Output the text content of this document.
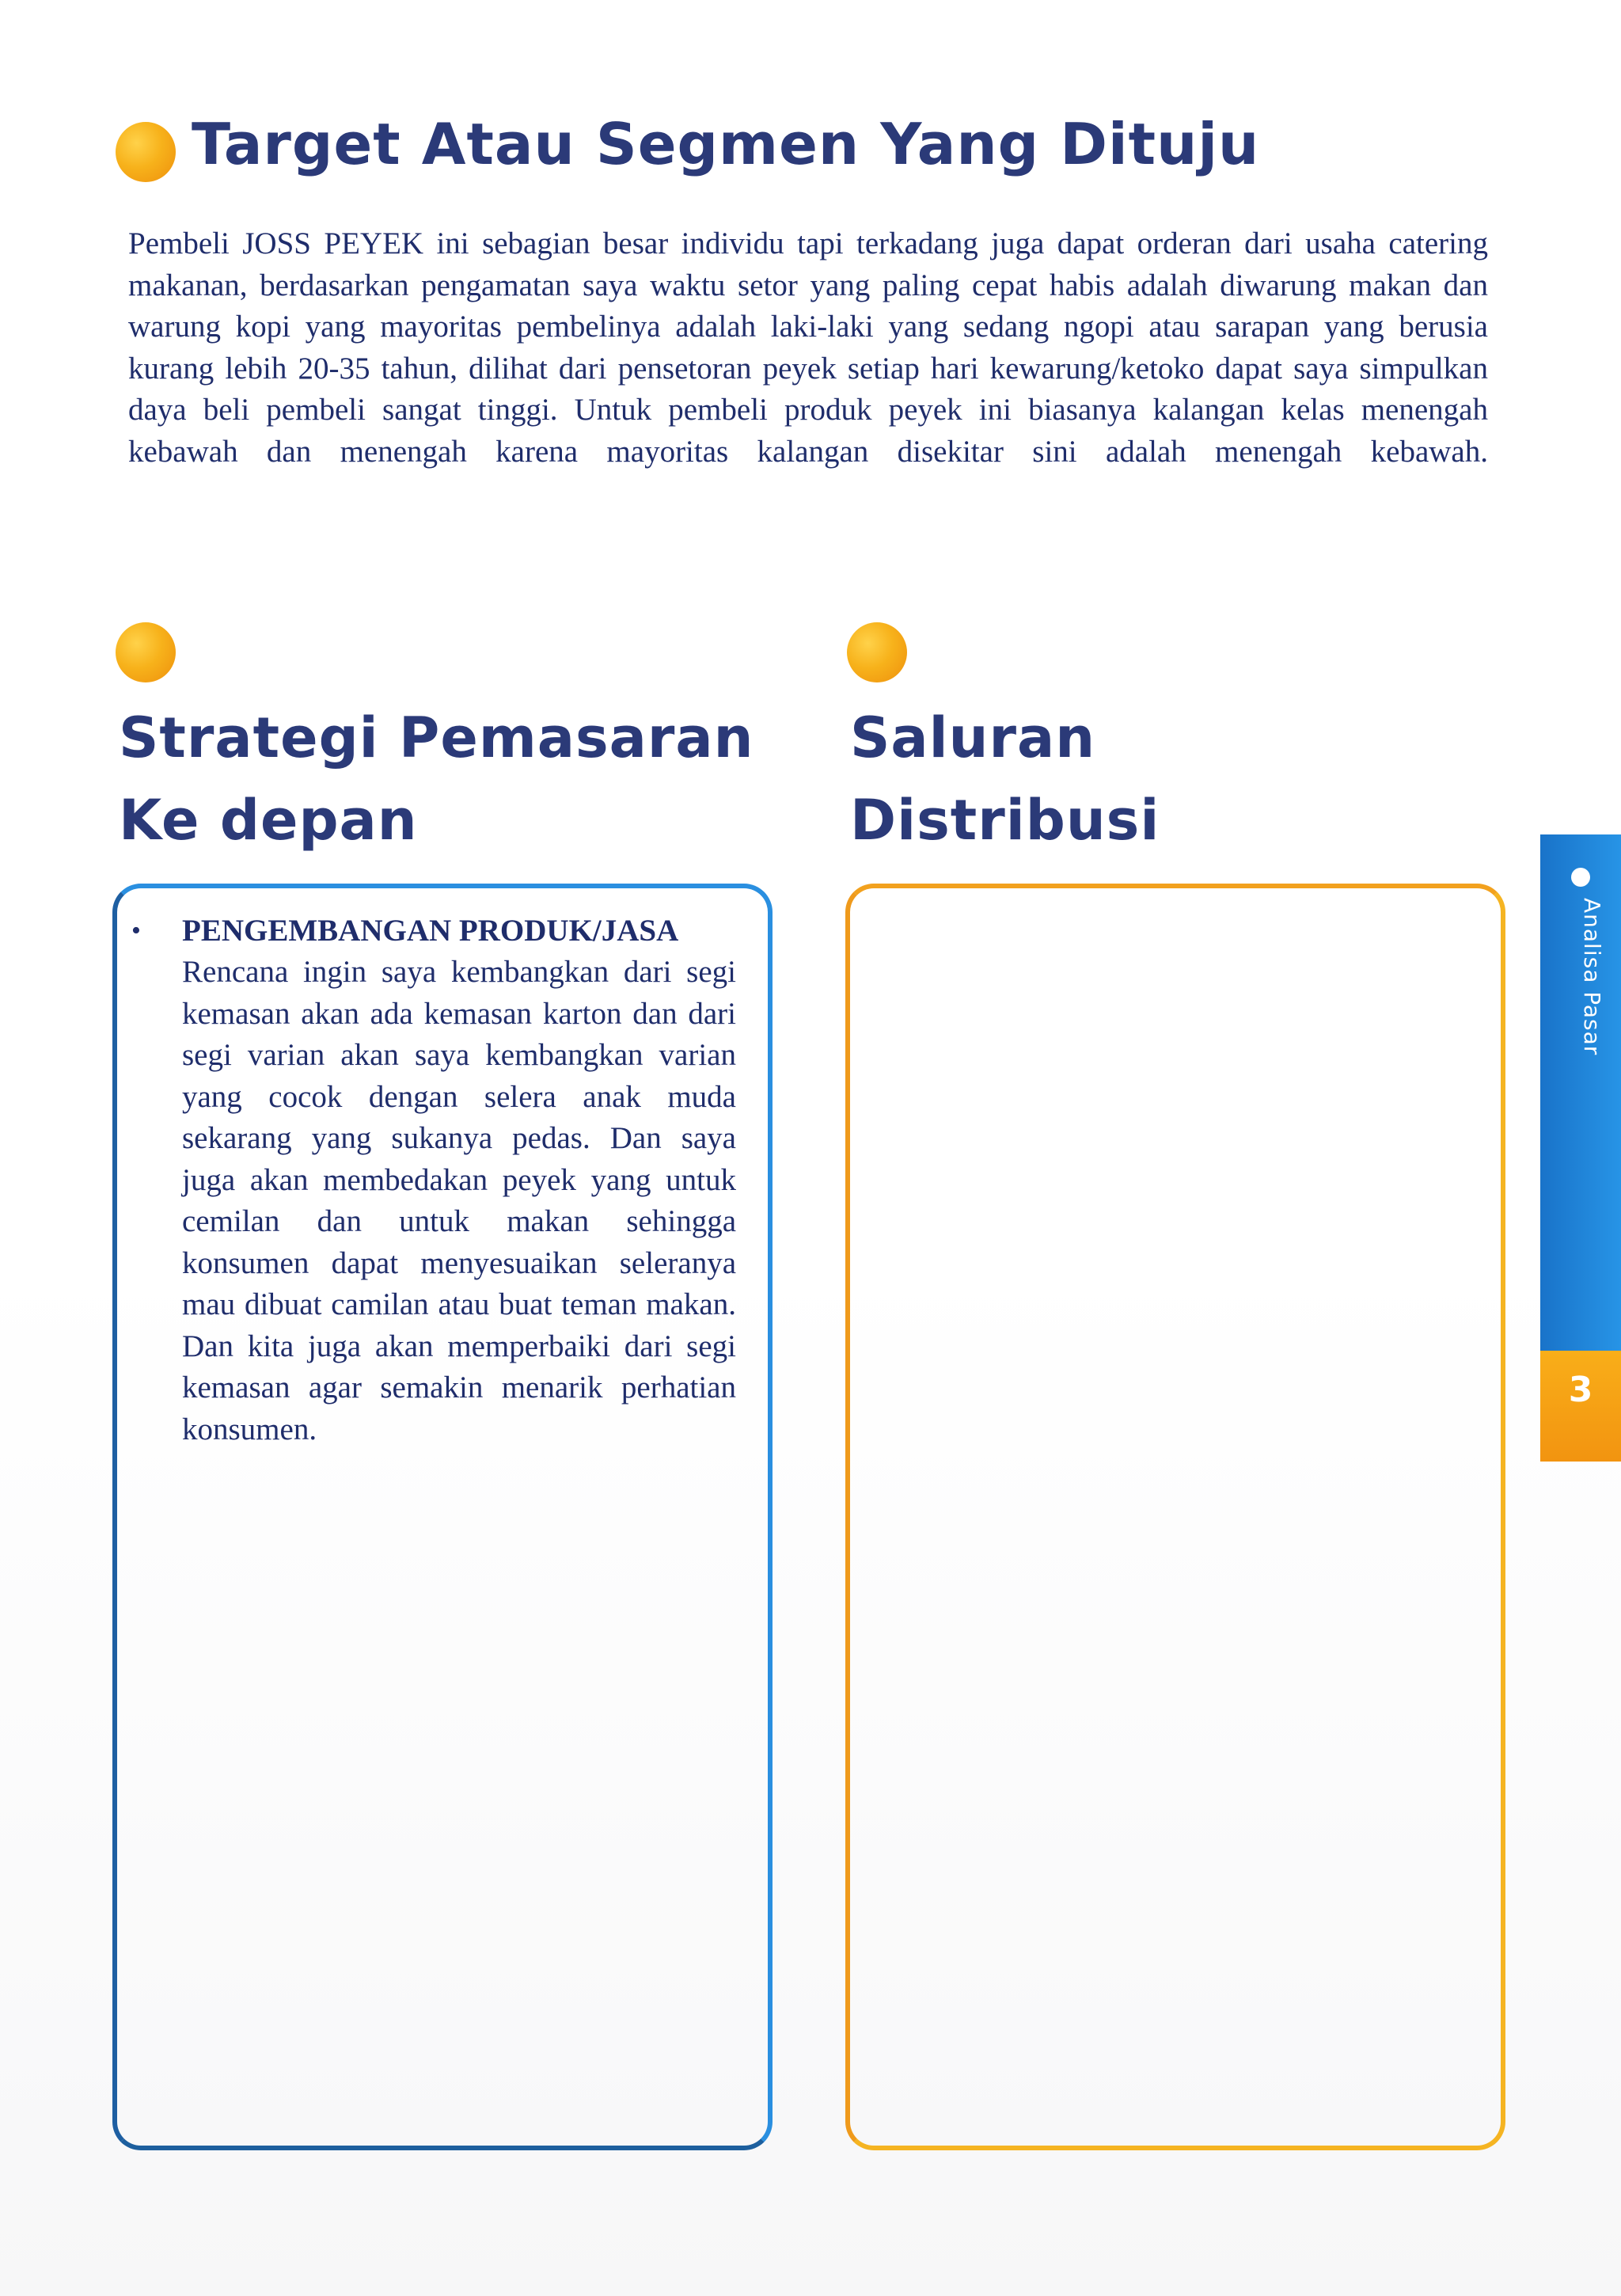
Target Atau Segmen Yang Dituju

Pembeli JOSS PEYEK ini sebagian besar individu tapi terkadang juga dapat orderan dari usaha catering makanan, berdasarkan pengamatan saya waktu setor yang paling cepat habis adalah diwarung makan dan warung kopi yang mayoritas pembelinya adalah laki-laki yang sedang ngopi atau sarapan yang berusia kurang lebih 20-35 tahun, dilihat dari pensetoran peyek setiap hari kewarung/ketoko dapat saya simpulkan daya beli pembeli sangat tinggi. Untuk pembeli produk peyek ini biasanya kalangan kelas menengah kebawah dan menengah karena mayoritas kalangan disekitar sini adalah menengah kebawah.

Strategi Pemasaran
Ke depan
• PENGEMBANGAN PRODUK/JASA
Rencana ingin saya kembangkan dari segi kemasan akan ada kemasan karton dan dari segi varian akan saya kembangkan varian yang cocok dengan selera anak muda sekarang yang sukanya pedas. Dan saya juga akan membedakan peyek yang untuk cemilan dan untuk makan sehingga konsumen dapat menyesuaikan seleranya mau dibuat camilan atau buat teman makan. Dan kita juga akan memperbaiki dari segi kemasan agar semakin menarik perhatian konsumen.
Saluran
Distribusi
Analisa Pasar
3
